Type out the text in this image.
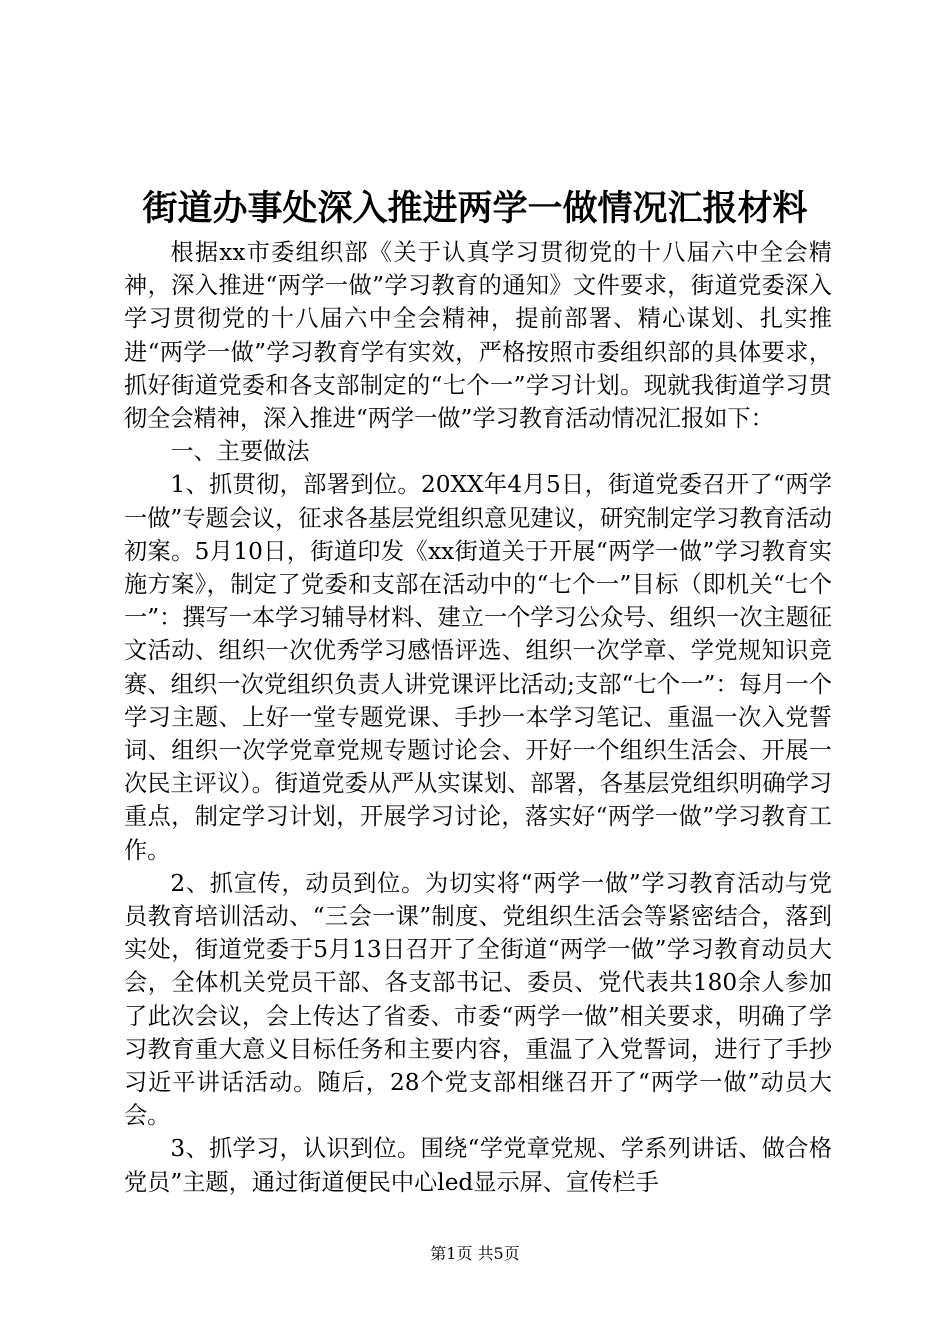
街道办事处深入推进两学一做情况汇报材料

根据xx市委组织部《关于认真学习贯彻党的十八届六中全会精神，深入推进“两学一做”学习教育的通知》文件要求，街道党委深入学习贯彻党的十八届六中全会精神，提前部署、精心谋划、扎实推进“两学一做”学习教育学有实效，严格按照市委组织部的具体要求，抓好街道党委和各支部制定的“七个一”学习计划。现就我街道学习贯彻全会精神，深入推进“两学一做”学习教育活动情况汇报如下：

一、主要做法

1、抓贯彻，部署到位。20XX年4月5日，街道党委召开了“两学一做”专题会议，征求各基层党组织意见建议，研究制定学习教育活动初案。5月10日，街道印发《xx街道关于开展“两学一做”学习教育实施方案》，制定了党委和支部在活动中的“七个一”目标（即机关“七个一”：撰写一本学习辅导材料、建立一个学习公众号、组织一次主题征文活动、组织一次优秀学习感悟评选、组织一次学章、学党规知识竞赛、组织一次党组织负责人讲党课评比活动;支部“七个一”：每月一个学习主题、上好一堂专题党课、手抄一本学习笔记、重温一次入党誓词、组织一次学党章党规专题讨论会、开好一个组织生活会、开展一次民主评议）。街道党委从严从实谋划、部署，各基层党组织明确学习重点，制定学习计划，开展学习讨论，落实好“两学一做”学习教育工作。

2、抓宣传，动员到位。为切实将“两学一做”学习教育活动与党员教育培训活动、“三会一课”制度、党组织生活会等紧密结合，落到实处，街道党委于5月13日召开了全街道“两学一做”学习教育动员大会，全体机关党员干部、各支部书记、委员、党代表共180余人参加了此次会议，会上传达了省委、市委“两学一做”相关要求，明确了学习教育重大意义目标任务和主要内容，重温了入党誓词，进行了手抄习近平讲话活动。随后，28个党支部相继召开了“两学一做”动员大会。

3、抓学习，认识到位。围绕“学党章党规、学系列讲话、做合格党员”主题，通过街道便民中心led显示屏、宣传栏手

第1页 共5页
